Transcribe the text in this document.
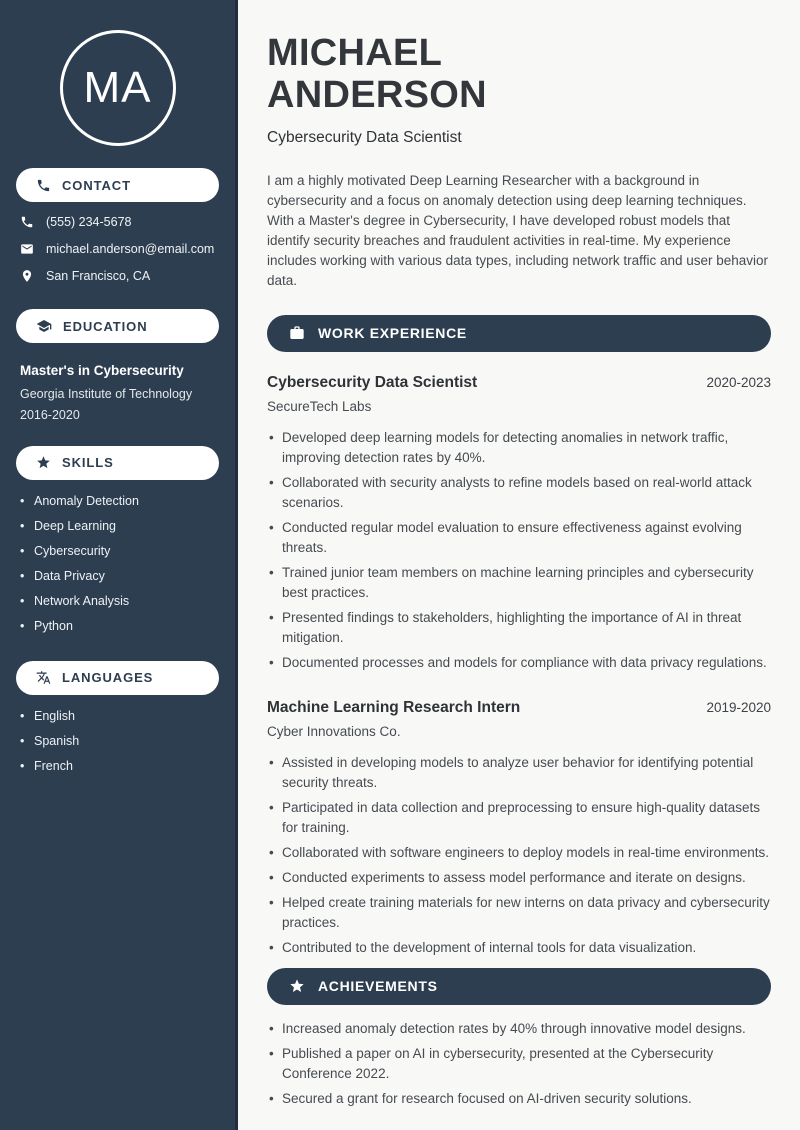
MA
CONTACT
(555) 234-5678
michael.anderson@email.com
San Francisco, CA
EDUCATION
Master's in Cybersecurity
Georgia Institute of Technology
2016-2020
SKILLS
• Anomaly Detection
• Deep Learning
• Cybersecurity
• Data Privacy
• Network Analysis
• Python
LANGUAGES
• English
• Spanish
• French
MICHAEL
ANDERSON
Cybersecurity Data Scientist

I am a highly motivated Deep Learning Researcher with a background in cybersecurity and a focus on anomaly detection using deep learning techniques. With a Master's degree in Cybersecurity, I have developed robust models that identify security breaches and fraudulent activities in real-time. My experience includes working with various data types, including network traffic and user behavior data.

WORK EXPERIENCE
Cybersecurity Data Scientist	2020-2023
SecureTech Labs
• Developed deep learning models for detecting anomalies in network traffic, improving detection rates by 40%.
• Collaborated with security analysts to refine models based on real-world attack scenarios.
• Conducted regular model evaluation to ensure effectiveness against evolving threats.
• Trained junior team members on machine learning principles and cybersecurity best practices.
• Presented findings to stakeholders, highlighting the importance of AI in threat mitigation.
• Documented processes and models for compliance with data privacy regulations.
Machine Learning Research Intern	2019-2020
Cyber Innovations Co.
• Assisted in developing models to analyze user behavior for identifying potential security threats.
• Participated in data collection and preprocessing to ensure high-quality datasets for training.
• Collaborated with software engineers to deploy models in real-time environments.
• Conducted experiments to assess model performance and iterate on designs.
• Helped create training materials for new interns on data privacy and cybersecurity practices.
• Contributed to the development of internal tools for data visualization.
ACHIEVEMENTS
• Increased anomaly detection rates by 40% through innovative model designs.
• Published a paper on AI in cybersecurity, presented at the Cybersecurity Conference 2022.
• Secured a grant for research focused on AI-driven security solutions.
